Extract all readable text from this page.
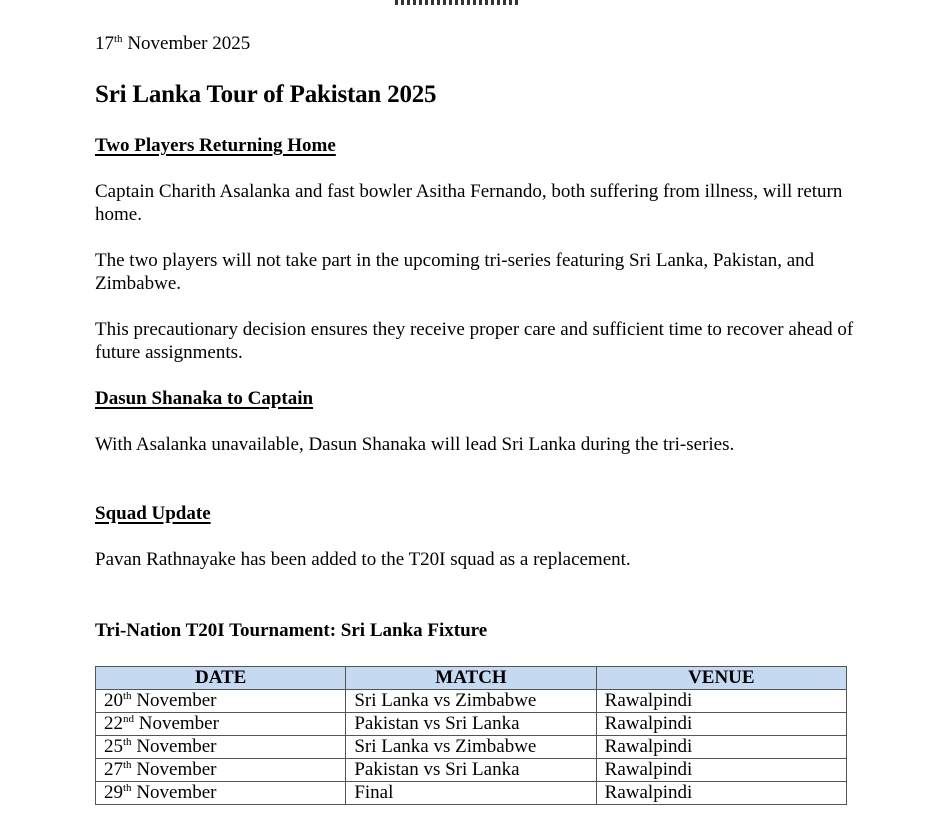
17th November 2025
Sri Lanka Tour of Pakistan 2025
Two Players Returning Home
Captain Charith Asalanka and fast bowler Asitha Fernando, both suffering from illness, will return home.
The two players will not take part in the upcoming tri-series featuring Sri Lanka, Pakistan, and Zimbabwe.
This precautionary decision ensures they receive proper care and sufficient time to recover ahead of future assignments.
Dasun Shanaka to Captain
With Asalanka unavailable, Dasun Shanaka will lead Sri Lanka during the tri-series.
Squad Update
Pavan Rathnayake has been added to the T20I squad as a replacement.
Tri-Nation T20I Tournament: Sri Lanka Fixture
DATE	MATCH	VENUE
20th November	Sri Lanka vs Zimbabwe	Rawalpindi
22nd November	Pakistan vs Sri Lanka	Rawalpindi
25th November	Sri Lanka vs Zimbabwe	Rawalpindi
27th November	Pakistan vs Sri Lanka	Rawalpindi
29th November	Final	Rawalpindi
